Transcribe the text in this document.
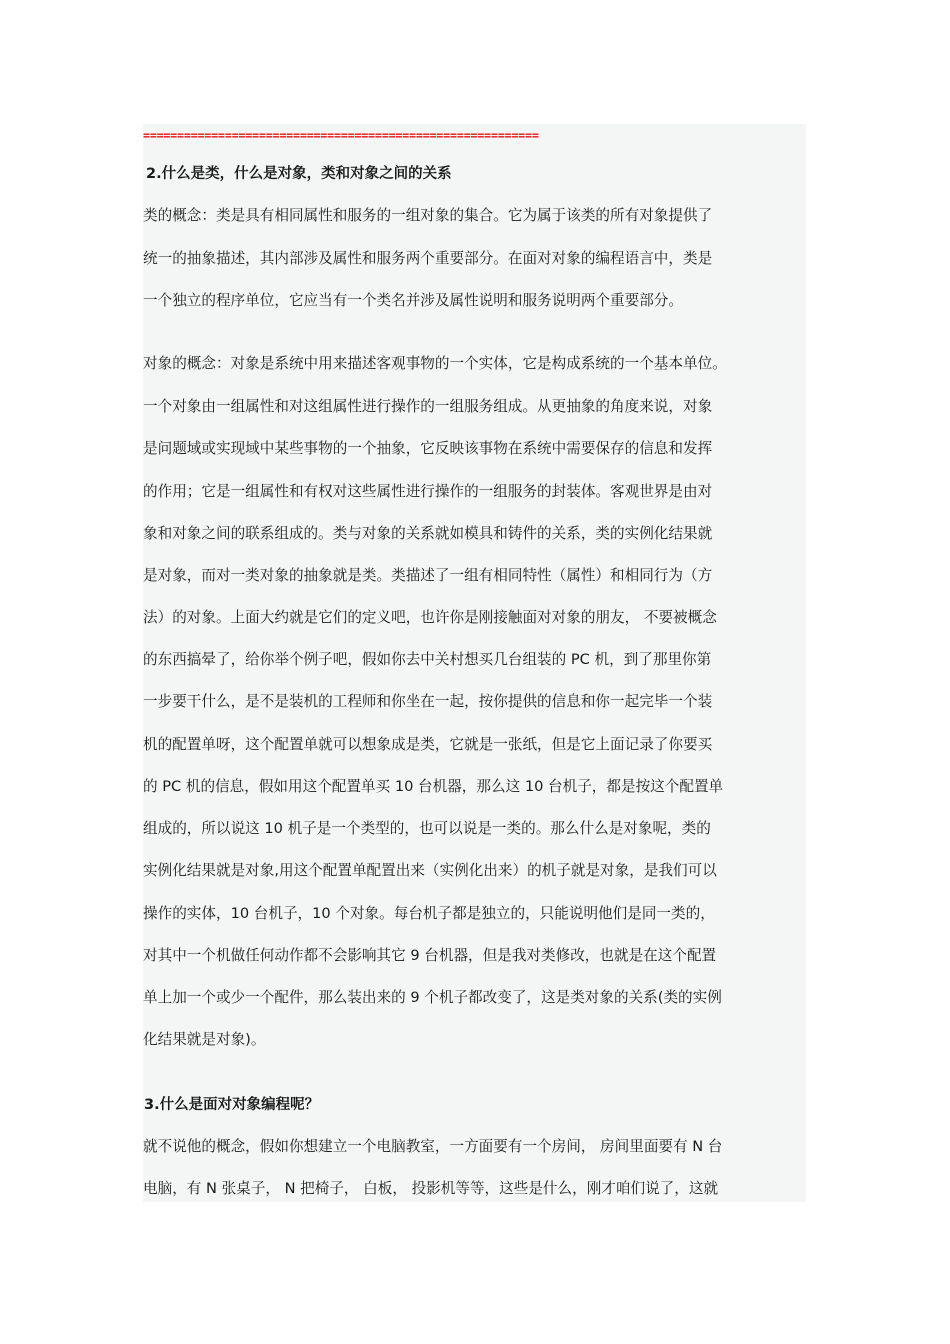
==========================================================
2.什么是类，什么是对象，类和对象之间的关系
类的概念：类是具有相同属性和服务的一组对象的集合。它为属于该类的所有对象提供了
统一的抽象描述，其内部涉及属性和服务两个重要部分。在面对对象的编程语言中，类是
一个独立的程序单位，它应当有一个类名并涉及属性说明和服务说明两个重要部分。
对象的概念：对象是系统中用来描述客观事物的一个实体，它是构成系统的一个基本单位。
一个对象由一组属性和对这组属性进行操作的一组服务组成。从更抽象的角度来说，对象
是问题域或实现域中某些事物的一个抽象，它反映该事物在系统中需要保存的信息和发挥
的作用；它是一组属性和有权对这些属性进行操作的一组服务的封装体。客观世界是由对
象和对象之间的联系组成的。类与对象的关系就如模具和铸件的关系，类的实例化结果就
是对象，而对一类对象的抽象就是类。类描述了一组有相同特性（属性）和相同行为（方
法）的对象。上面大约就是它们的定义吧，也许你是刚接触面对对象的朋友， 不要被概念
的东西搞晕了，给你举个例子吧，假如你去中关村想买几台组装的 PC 机，到了那里你第
一步要干什么，是不是装机的工程师和你坐在一起，按你提供的信息和你一起完毕一个装
机的配置单呀，这个配置单就可以想象成是类，它就是一张纸，但是它上面记录了你要买
的 PC 机的信息，假如用这个配置单买 10 台机器，那么这 10 台机子，都是按这个配置单
组成的，所以说这 10 机子是一个类型的，也可以说是一类的。那么什么是对象呢，类的
实例化结果就是对象,用这个配置单配置出来（实例化出来）的机子就是对象，是我们可以
操作的实体，10 台机子，10 个对象。每台机子都是独立的，只能说明他们是同一类的，
对其中一个机做任何动作都不会影响其它 9 台机器，但是我对类修改，也就是在这个配置
单上加一个或少一个配件，那么装出来的 9 个机子都改变了，这是类对象的关系(类的实例
化结果就是对象)。
3.什么是面对对象编程呢？
就不说他的概念，假如你想建立一个电脑教室，一方面要有一个房间， 房间里面要有 N 台
电脑，有 N 张桌子， N 把椅子， 白板， 投影机等等，这些是什么，刚才咱们说了，这就
